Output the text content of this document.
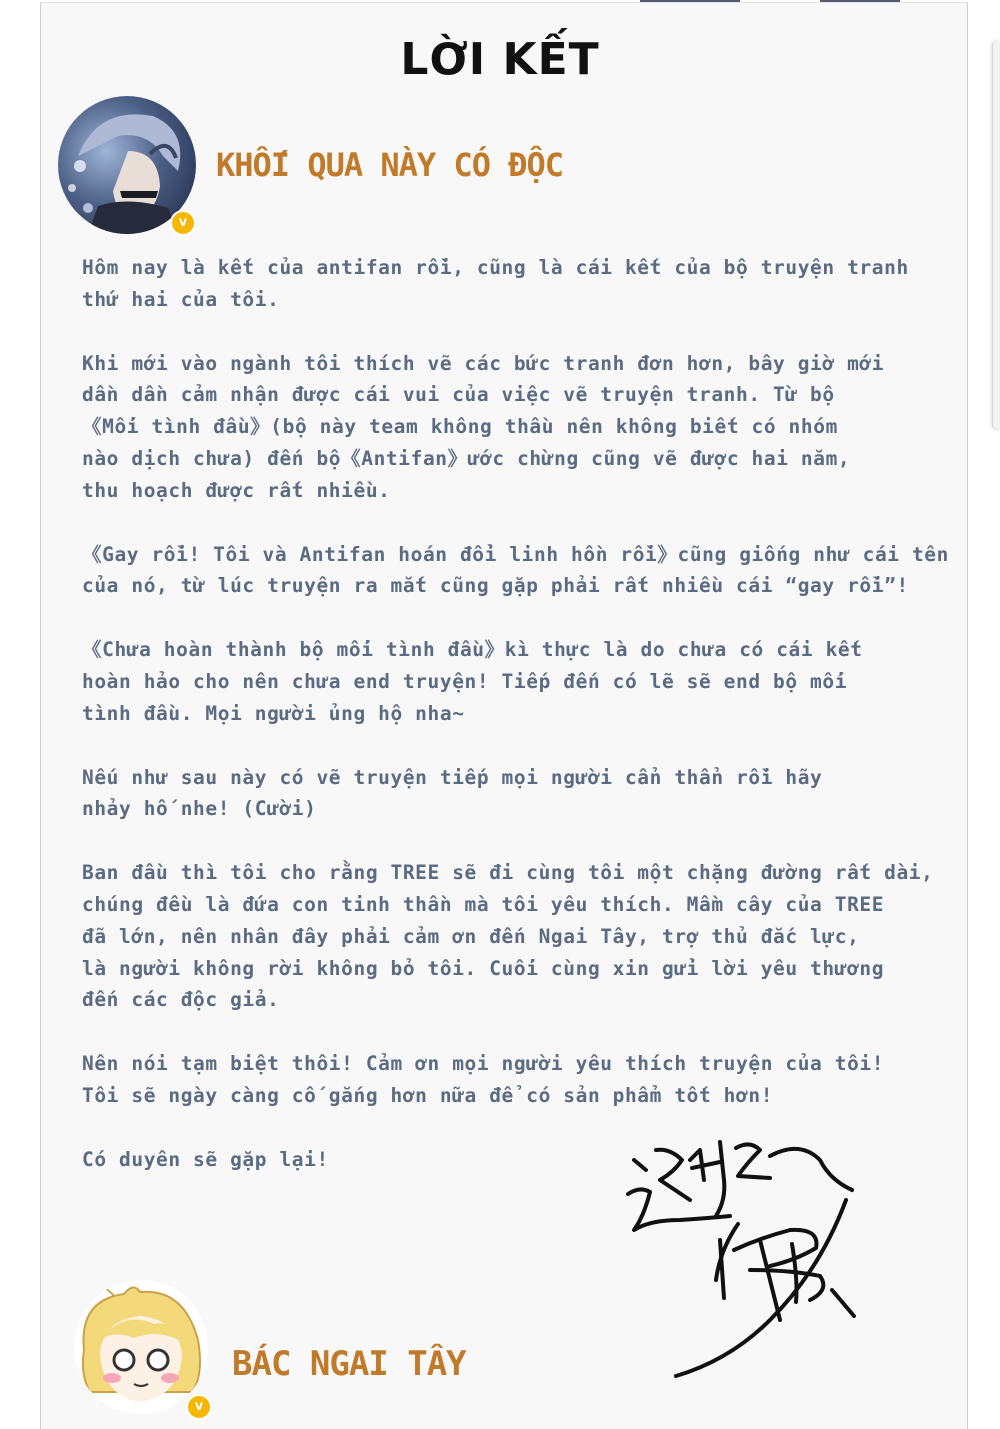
LỜI KẾT
v
KHỐI QUA NÀY CÓ ĐỘC

Hôm nay là kết của antifan rồi, cũng là cái kết của bộ truyện tranh
thứ hai của tôi.

Khi mới vào ngành tôi thích vẽ các bức tranh đơn hơn, bây giờ mới
dần dần cảm nhận được cái vui của việc vẽ truyện tranh. Từ bộ
《Mối tình đầu》(bộ này team không thầu nên không biết có nhóm
nào dịch chưa) đến bộ《Antifan》ước chừng cũng vẽ được hai năm,
thu hoạch được rất nhiều.

《Gay rồi! Tôi và Antifan hoán đổi linh hồn rồi》cũng giống như cái tên
của nó, từ lúc truyện ra mắt cũng gặp phải rất nhiều cái “gay rồi”!

《Chưa hoàn thành bộ mối tình đầu》kì thực là do chưa có cái kết
hoàn hảo cho nên chưa end truyện! Tiếp đến có lẽ sẽ end bộ mối
tình đầu. Mọi người ủng hộ nha~

Nếu như sau này có vẽ truyện tiếp mọi người cẩn thẩn rồi hãy
nhảy hố nhe! (Cười)

Ban đầu thì tôi cho rằng TREE sẽ đi cùng tôi một chặng đường rất dài,
chúng đều là đứa con tinh thần mà tôi yêu thích. Mầm cây của TREE
đã lớn, nên nhân đây phải cảm ơn đến Ngai Tây, trợ thủ đắc lực,
là người không rời không bỏ tôi. Cuối cùng xin gửi lời yêu thương
đến các độc giả.

Nên nói tạm biệt thôi! Cảm ơn mọi người yêu thích truyện của tôi!
Tôi sẽ ngày càng cố gắng hơn nữa để có sản phẩm tốt hơn!

Có duyên sẽ gặp lại!

v
BÁC NGAI TÂY
